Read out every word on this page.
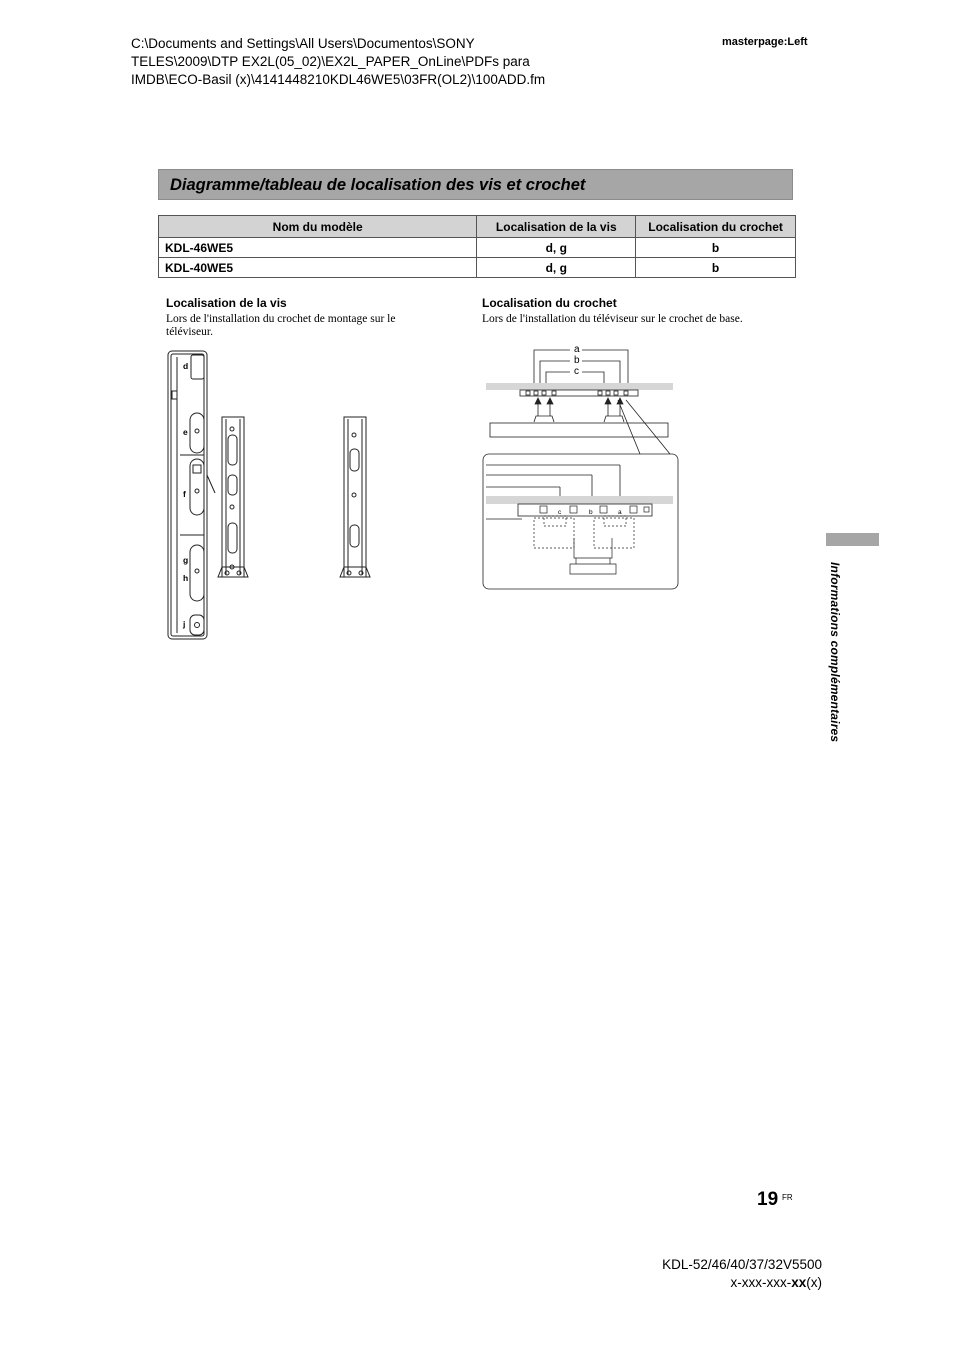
C:\Documents and Settings\All Users\Documentos\SONY
TELES\2009\DTP EX2L(05_02)\EX2L_PAPER_OnLine\PDFs para
IMDB\ECO-Basil (x)\4141448210KDL46WE5\03FR(OL2)\100ADD.fm
masterpage:Left
Diagramme/tableau de localisation des vis et crochet
Nom du modèle	Localisation de la vis	Localisation du crochet
KDL-46WE5	d, g	b
KDL-40WE5	d, g	b
Localisation de la vis
Lors de l'installation du crochet de montage sur le téléviseur.
Localisation du crochet
Lors de l'installation du téléviseur sur le crochet de base.
d
e
f
g
h
j
a
b
c
c	b	a
Informations complémentaires
19 FR
KDL-52/46/40/37/32V5500
x-xxx-xxx-xx(x)
